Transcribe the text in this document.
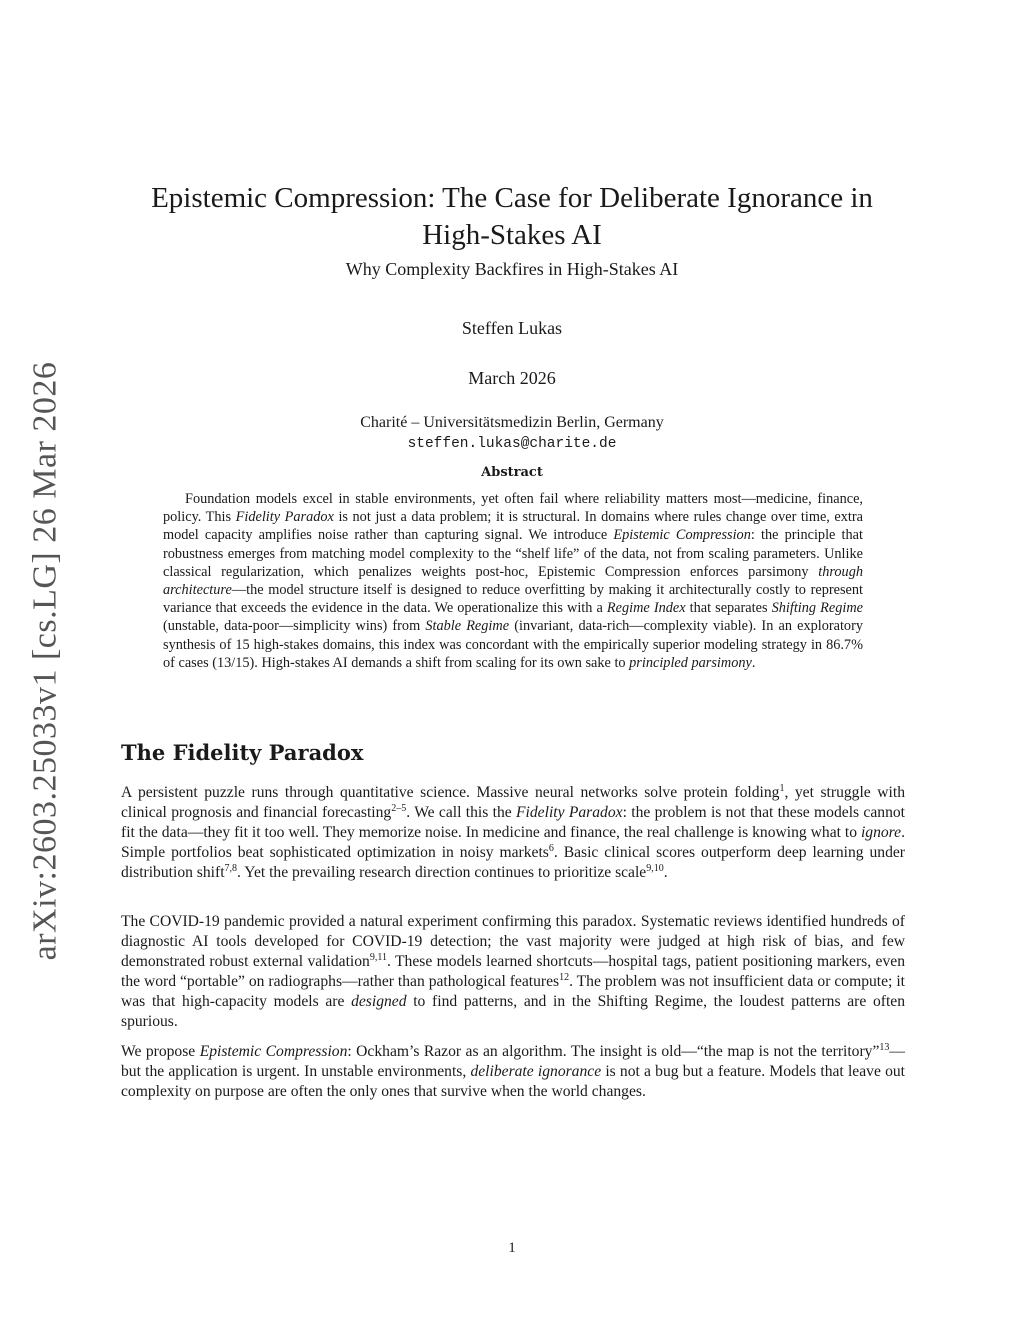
arXiv:2603.25033v1 [cs.LG] 26 Mar 2026
Epistemic Compression: The Case for Deliberate Ignorance in High-Stakes AI

Why Complexity Backfires in High-Stakes AI

Steffen Lukas

March 2026

Charité – Universitätsmedizin Berlin, Germany

steffen.lukas@charite.de

Abstract

Foundation models excel in stable environments, yet often fail where reliability matters most—medicine, finance, policy. This Fidelity Paradox is not just a data problem; it is structural. In domains where rules change over time, extra model capacity amplifies noise rather than capturing signal. We introduce Epistemic Compression: the principle that robustness emerges from matching model complexity to the “shelf life” of the data, not from scaling parameters. Unlike classical regularization, which penalizes weights post-hoc, Epistemic Compression enforces parsimony through architecture—the model structure itself is designed to reduce overfitting by making it architecturally costly to represent variance that exceeds the evidence in the data. We operationalize this with a Regime Index that separates Shifting Regime (unstable, data-poor—simplicity wins) from Stable Regime (invariant, data-rich—complexity viable). In an exploratory synthesis of 15 high-stakes domains, this index was concordant with the empirically superior modeling strategy in 86.7% of cases (13/15). High-stakes AI demands a shift from scaling for its own sake to principled parsimony.

The Fidelity Paradox

A persistent puzzle runs through quantitative science. Massive neural networks solve protein folding$^1$, yet struggle with clinical prognosis and financial forecasting$^{2-5}$. We call this the Fidelity Paradox: the problem is not that these models cannot fit the data—they fit it too well. They memorize noise. In medicine and finance, the real challenge is knowing what to ignore. Simple portfolios beat sophisticated optimization in noisy markets$^6$. Basic clinical scores outperform deep learning under distribution shift$^{7,8}$. Yet the prevailing research direction continues to prioritize scale$^{9,10}$.

The COVID-19 pandemic provided a natural experiment confirming this paradox. Systematic reviews identified hundreds of diagnostic AI tools developed for COVID-19 detection; the vast majority were judged at high risk of bias, and few demonstrated robust external validation$^{9,11}$. These models learned shortcuts—hospital tags, patient positioning markers, even the word “portable” on radiographs—rather than pathological features$^{12}$. The problem was not insufficient data or compute; it was that high-capacity models are designed to find patterns, and in the Shifting Regime, the loudest patterns are often spurious.

We propose Epistemic Compression: Ockham’s Razor as an algorithm. The insight is old—“the map is not the territory”$^{13}$—but the application is urgent. In unstable environments, deliberate ignorance is not a bug but a feature. Models that leave out complexity on purpose are often the only ones that survive when the world changes.

1
